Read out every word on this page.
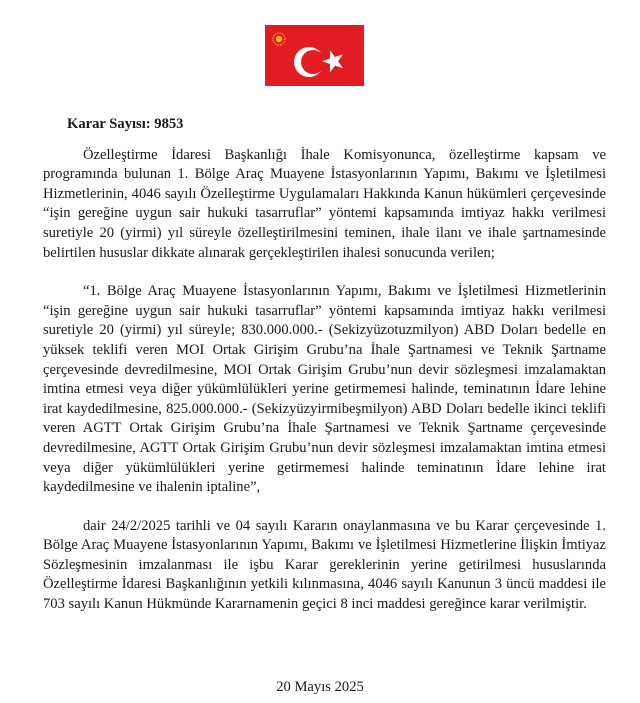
Karar Sayısı: 9853

Özelleştirme İdaresi Başkanlığı İhale Komisyonunca, özelleştirme kapsam ve programında bulunan 1. Bölge Araç Muayene İstasyonlarının Yapımı, Bakımı ve İşletilmesi Hizmetlerinin, 4046 sayılı Özelleştirme Uygulamaları Hakkında Kanun hükümleri çerçevesinde “işin gereğine uygun sair hukuki tasarruflar” yöntemi kapsamında imtiyaz hakkı verilmesi suretiyle 20 (yirmi) yıl süreyle özelleştirilmesini teminen, ihale ilanı ve ihale şartnamesinde belirtilen hususlar dikkate alınarak gerçekleştirilen ihalesi sonucunda verilen;

“1. Bölge Araç Muayene İstasyonlarının Yapımı, Bakımı ve İşletilmesi Hizmetlerinin “işin gereğine uygun sair hukuki tasarruflar” yöntemi kapsamında imtiyaz hakkı verilmesi suretiyle 20 (yirmi) yıl süreyle; 830.000.000.- (Sekizyüzotuzmilyon) ABD Doları bedelle en yüksek teklifi veren MOI Ortak Girişim Grubu’na İhale Şartnamesi ve Teknik Şartname çerçevesinde devredilmesine, MOI Ortak Girişim Grubu’nun devir sözleşmesi imzalamaktan imtina etmesi veya diğer yükümlülükleri yerine getirmemesi halinde, teminatının İdare lehine irat kaydedilmesine, 825.000.000.- (Sekizyüzyirmibeşmilyon) ABD Doları bedelle ikinci teklifi veren AGTT Ortak Girişim Grubu’na İhale Şartnamesi ve Teknik Şartname çerçevesinde devredilmesine, AGTT Ortak Girişim Grubu’nun devir sözleşmesi imzalamaktan imtina etmesi veya diğer yükümlülükleri yerine getirmemesi halinde teminatının İdare lehine irat kaydedilmesine ve ihalenin iptaline”,

dair 24/2/2025 tarihli ve 04 sayılı Kararın onaylanmasına ve bu Karar çerçevesinde 1. Bölge Araç Muayene İstasyonlarının Yapımı, Bakımı ve İşletilmesi Hizmetlerine İlişkin İmtiyaz Sözleşmesinin imzalanması ile işbu Karar gereklerinin yerine getirilmesi hususlarında Özelleştirme İdaresi Başkanlığının yetkili kılınmasına, 4046 sayılı Kanunun 3 üncü maddesi ile 703 sayılı Kanun Hükmünde Kararnamenin geçici 8 inci maddesi gereğince karar verilmiştir.

20 Mayıs 2025
